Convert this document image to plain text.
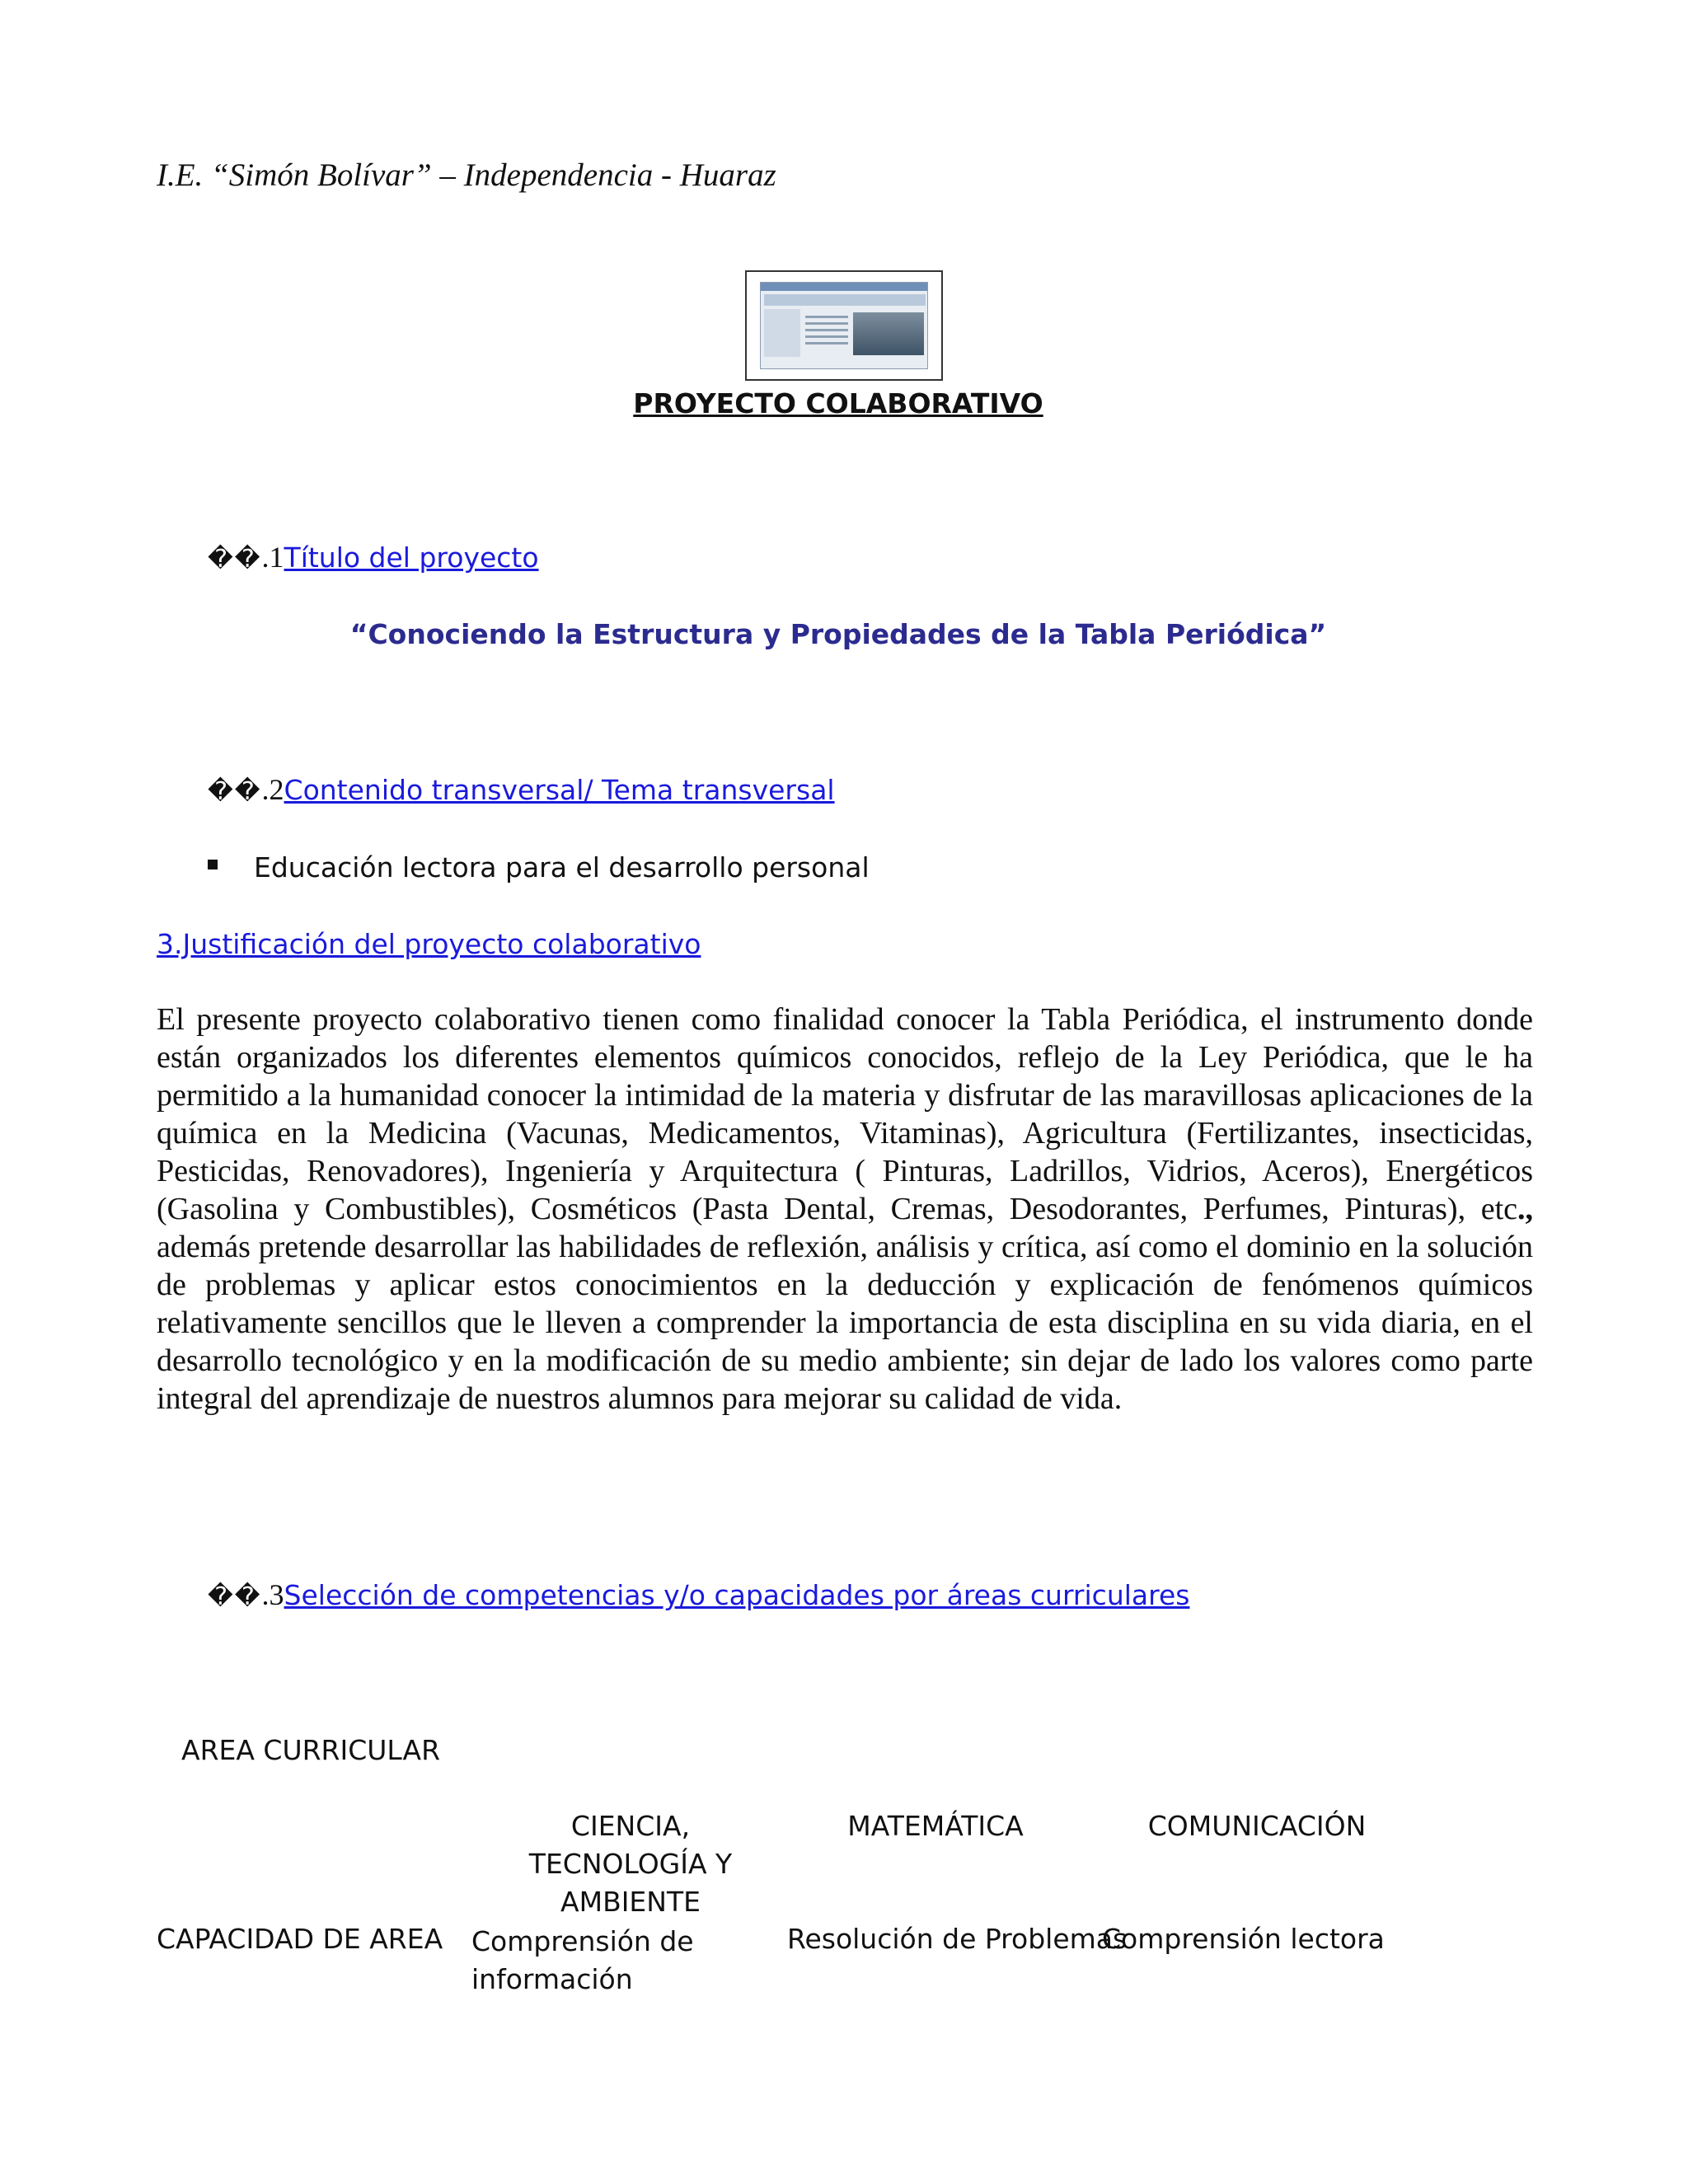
I.E. “Simón Bolívar” – Independencia - Huaraz
PROYECTO COLABORATIVO
��.1Título del proyecto
“Conociendo la Estructura y Propiedades de la Tabla Periódica”
��.2Contenido transversal/ Tema transversal
Educación lectora para el desarrollo personal
3.Justificación del proyecto colaborativo
El presente proyecto colaborativo tienen como finalidad conocer la Tabla Periódica, el instrumento donde están organizados los diferentes elementos químicos conocidos, reflejo de la Ley Periódica, que le ha permitido a la humanidad conocer la intimidad de la materia y disfrutar de las maravillosas aplicaciones de la química en la Medicina (Vacunas, Medicamentos, Vitaminas), Agricultura (Fertilizantes, insecticidas, Pesticidas, Renovadores), Ingeniería y Arquitectura ( Pinturas, Ladrillos, Vidrios, Aceros), Energéticos (Gasolina y Combustibles), Cosméticos (Pasta Dental, Cremas, Desodorantes, Perfumes, Pinturas), etc., además pretende desarrollar las habilidades de reflexión, análisis y crítica, así como el dominio en la solución de problemas y aplicar estos conocimientos en la deducción y explicación de fenómenos químicos relativamente sencillos que le lleven a comprender la importancia de esta disciplina en su vida diaria, en el desarrollo tecnológico y en la modificación de su medio ambiente; sin dejar de lado los valores como parte integral del aprendizaje de nuestros alumnos para mejorar su calidad de vida.
��.3Selección de competencias y/o capacidades por áreas curriculares
AREA CURRICULAR
CIENCIA, TECNOLOGÍA Y AMBIENTE
MATEMÁTICA	COMUNICACIÓN
CAPACIDAD DE AREA Comprensión de información
Resolución de Problemas
Comprensión lectora
